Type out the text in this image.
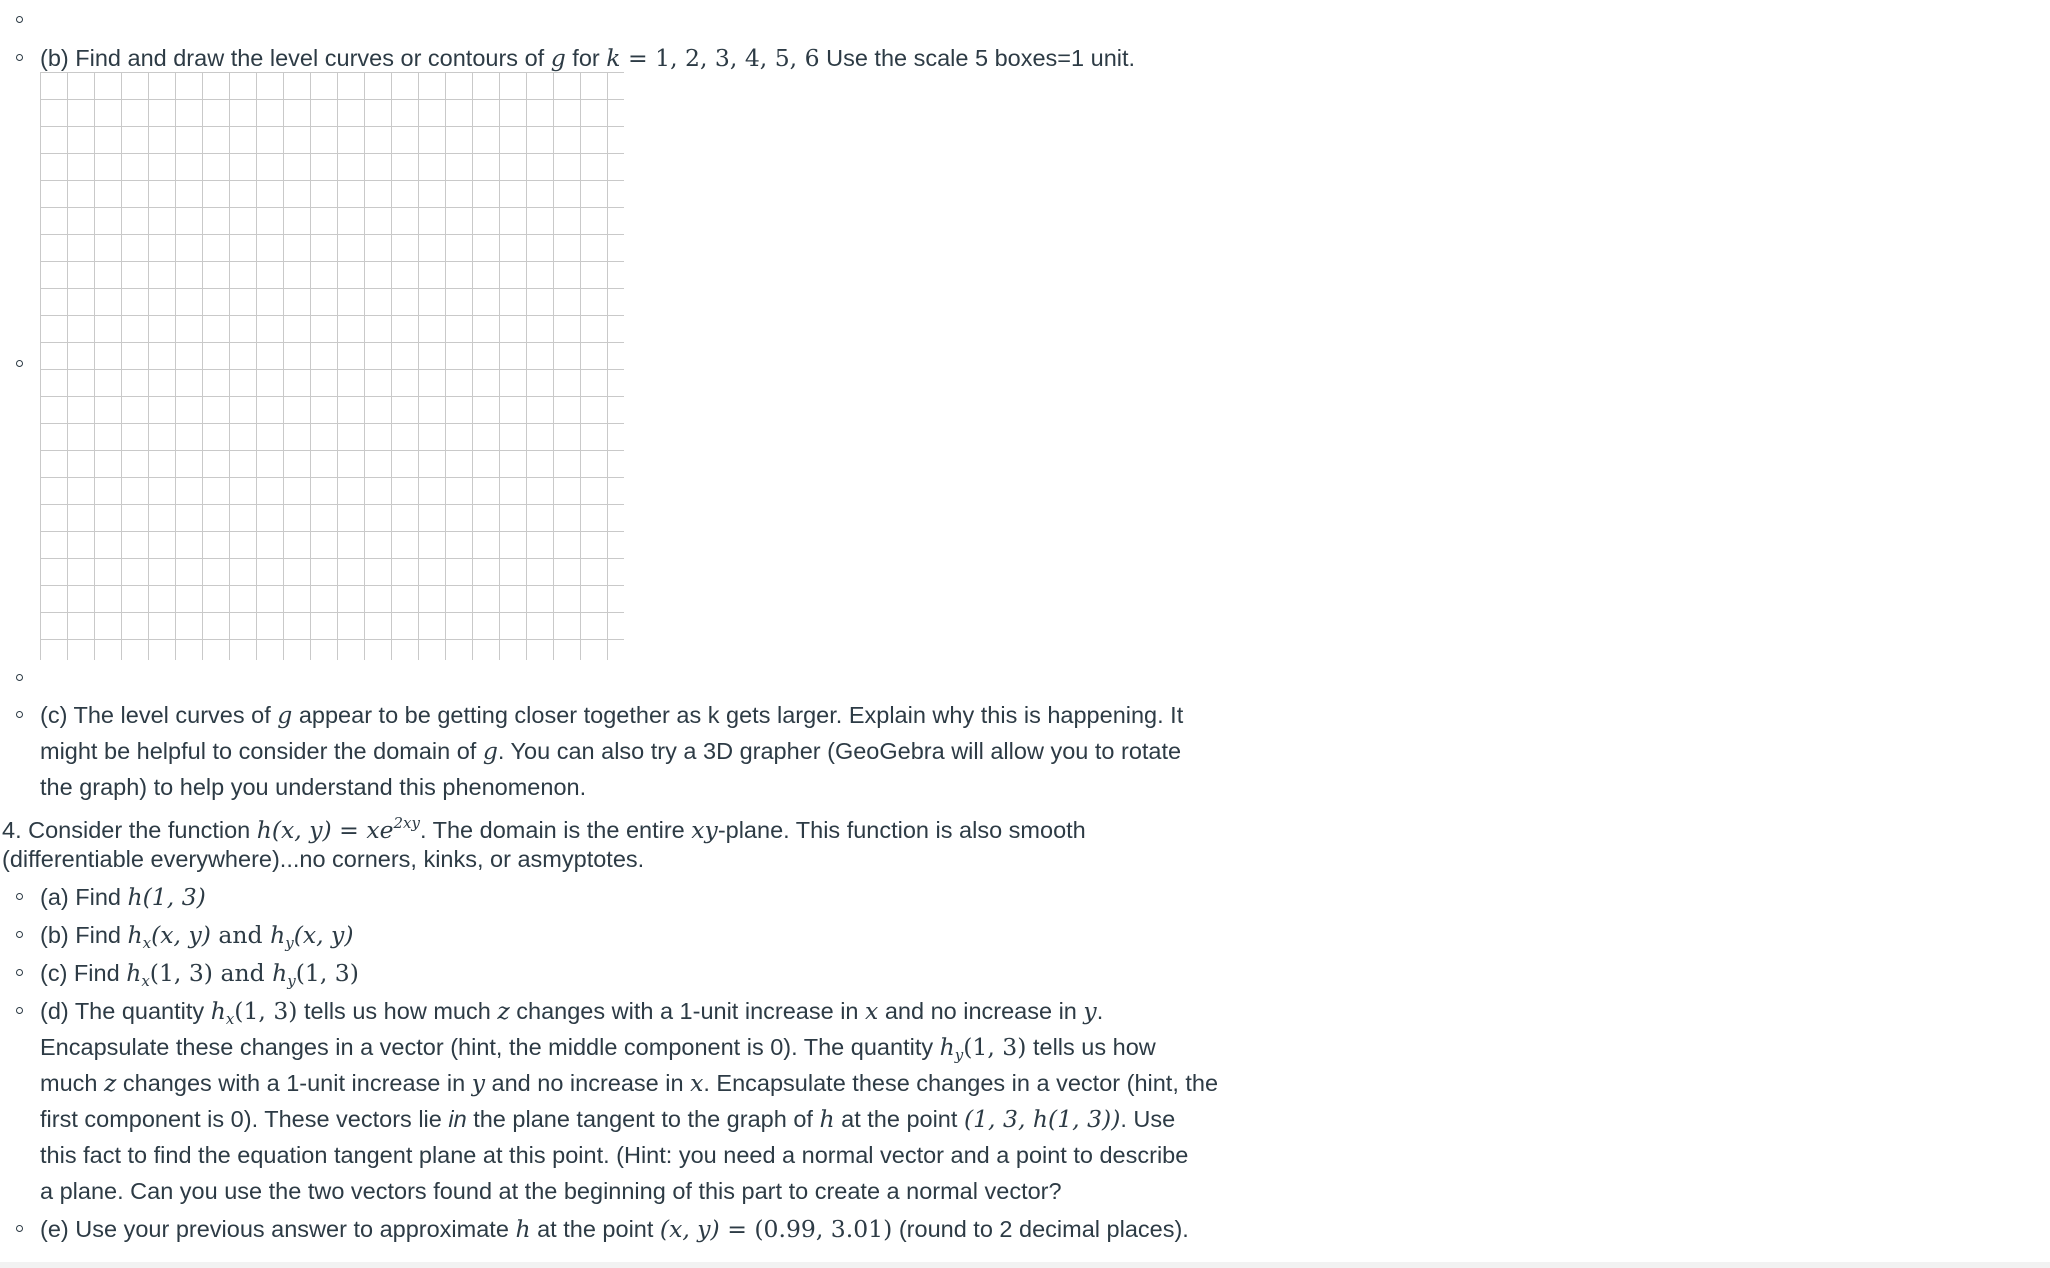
(b) Find and draw the level curves or contours of g for k = 1, 2, 3, 4, 5, 6 Use the scale 5 boxes=1 unit.
(c) The level curves of g appear to be getting closer together as k gets larger. Explain why this is happening. It
might be helpful to consider the domain of g. You can also try a 3D grapher (GeoGebra will allow you to rotate
the graph) to help you understand this phenomenon.
4. Consider the function h(x, $y) = xe^{2xy}$. The domain is the entire xy-plane. This function is also smooth
(differentiable everywhere)...no corners, kinks, or asmyptotes.
(a) Find h(1, 3)
(b) Find $h_x(x$, y) and $h_y(x$, y)
(c) Find $h_x(1$, 3) and $h_y(1$, 3)
(d) The quantity $h_x(1$, 3) tells us how much z changes with a 1-unit increase in x and no increase in y.
Encapsulate these changes in a vector (hint, the middle component is 0). The quantity $h_y(1$, 3) tells us how
much z changes with a 1-unit increase in y and no increase in x. Encapsulate these changes in a vector (hint, the
first component is 0). These vectors lie in the plane tangent to the graph of h at the point (1, 3, h(1, 3)). Use
this fact to find the equation tangent plane at this point. (Hint: you need a normal vector and a point to describe
a plane. Can you use the two vectors found at the beginning of this part to create a normal vector?
(e) Use your previous answer to approximate h at the point (x, y) = (0.99, 3.01) (round to 2 decimal places).
